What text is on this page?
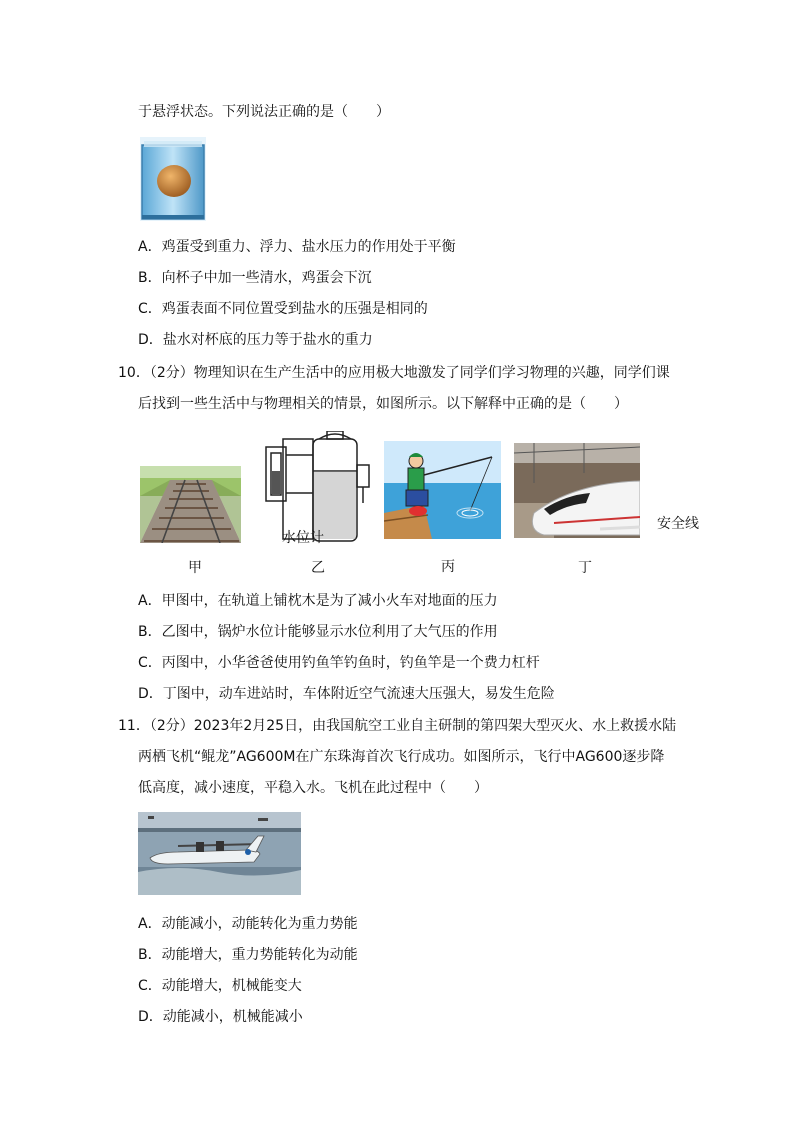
于悬浮状态。下列说法正确的是（　　）
A．鸡蛋受到重力、浮力、盐水压力的作用处于平衡
B．向杯子中加一些清水，鸡蛋会下沉
C．鸡蛋表面不同位置受到盐水的压强是相同的
D．盐水对杯底的压力等于盐水的重力
10．（2分）物理知识在生产生活中的应用极大地激发了同学们学习物理的兴趣，同学们课
后找到一些生活中与物理相关的情景，如图所示。以下解释中正确的是（　　）
水位计
安全线
甲	乙	丙	丁
A．甲图中，在轨道上铺枕木是为了减小火车对地面的压力
B．乙图中，锅炉水位计能够显示水位利用了大气压的作用
C．丙图中，小华爸爸使用钓鱼竿钓鱼时，钓鱼竿是一个费力杠杆
D．丁图中，动车进站时，车体附近空气流速大压强大，易发生危险
11．（2分）2023年2月25日，由我国航空工业自主研制的第四架大型灭火、水上救援水陆
两栖飞机“鲲龙”AG600M在广东珠海首次飞行成功。如图所示，飞行中AG600逐步降
低高度，减小速度，平稳入水。飞机在此过程中（　　）
A．动能减小，动能转化为重力势能
B．动能增大，重力势能转化为动能
C．动能增大，机械能变大
D．动能减小，机械能减小
